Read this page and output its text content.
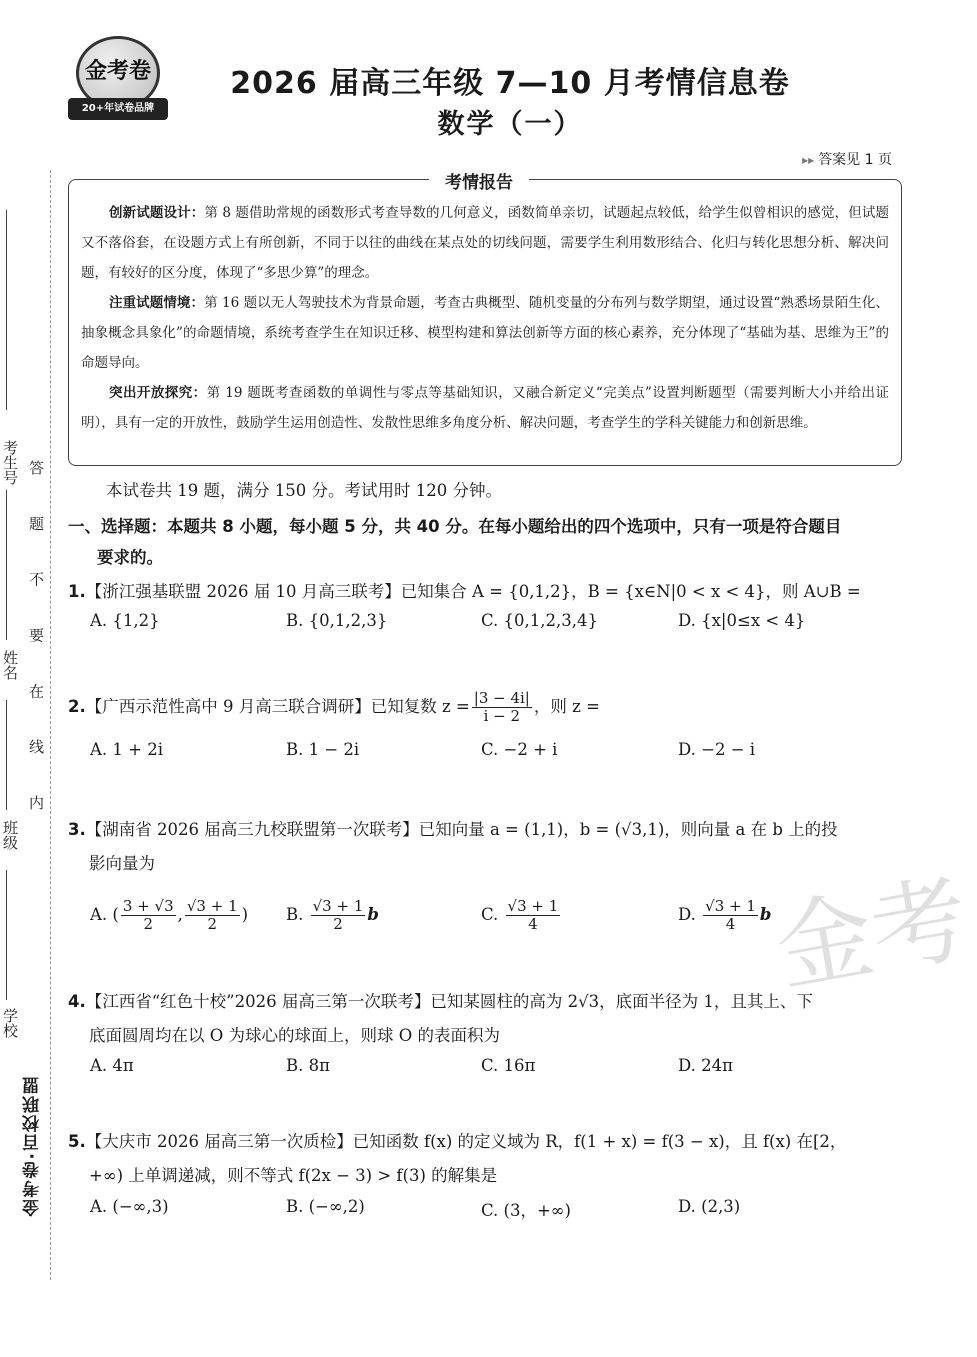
考生号
姓名
班级
学校
答 题 不 要 在 线 内
金考卷·百校联盟
金考卷
20+年试卷品牌
2026 届高三年级 7—10 月考情信息卷
数学（一）
▸▸ 答案见 1 页
考情报告

创新试题设计：第 8 题借助常规的函数形式考查导数的几何意义，函数简单亲切，试题起点较低，给学生似曾相识的感觉，但试题又不落俗套，在设题方式上有所创新，不同于以往的曲线在某点处的切线问题，需要学生利用数形结合、化归与转化思想分析、解决问题，有较好的区分度，体现了“多思少算”的理念。

注重试题情境：第 16 题以无人驾驶技术为背景命题，考查古典概型、随机变量的分布列与数学期望，通过设置“熟悉场景陌生化、抽象概念具象化”的命题情境，系统考查学生在知识迁移、模型构建和算法创新等方面的核心素养，充分体现了“基础为基、思维为王”的命题导向。

突出开放探究：第 19 题既考查函数的单调性与零点等基础知识，又融合新定义“完美点”设置判断题型（需要判断大小并给出证明），具有一定的开放性，鼓励学生运用创造性、发散性思维多角度分析、解决问题，考查学生的学科关键能力和创新思维。

本试卷共 19 题，满分 150 分。考试用时 120 分钟。
一、选择题：本题共 8 小题，每小题 5 分，共 40 分。在每小题给出的四个选项中，只有一项是符合题目
要求的。
1.【浙江强基联盟 2026 届 10 月高三联考】已知集合 A = {0,1,2}，B = {x∈N|0 < x < 4}，则 A∪B =
A. {1,2}	B. {0,1,2,3}	C. {0,1,2,3,4}	D. {x|0≤x < 4}
2.【广西示范性高中 9 月高三联合调研】已知复数 $z = \frac{|3 - 4i|}{i - 2}$ ，则 z =
A. 1 + 2i	B. 1 − 2i	C. −2 + i	D. −2 − i
3.【湖南省 2026 届高三九校联盟第一次联考】已知向量 a = (1,1)，b = (√3,1)，则向量 a 在 b 上的投
影向量为
A. ( $\frac{3 + √3}{2}$ , $\frac{√3 + 1}{2}$ ) B. $\frac{√3 + 1}{2}$ b	C. $\frac{√3 + 1}{4}$	D. $\frac{√3 + 1}{4}$ b
金考
4.【江西省“红色十校”2026 届高三第一次联考】已知某圆柱的高为 2√3，底面半径为 1，且其上、下
底面圆周均在以 O 为球心的球面上，则球 O 的表面积为
A. 4π	B. 8π	C. 16π	D. 24π
5.【大庆市 2026 届高三第一次质检】已知函数 f(x) 的定义域为 R，f(1 + x) = f(3 − x)，且 f(x) 在[2，
+∞) 上单调递减，则不等式 f(2x − 3) > f(3) 的解集是
A. (−∞,3)	B. (−∞,2)	C. (3，+∞)	D. (2,3)
